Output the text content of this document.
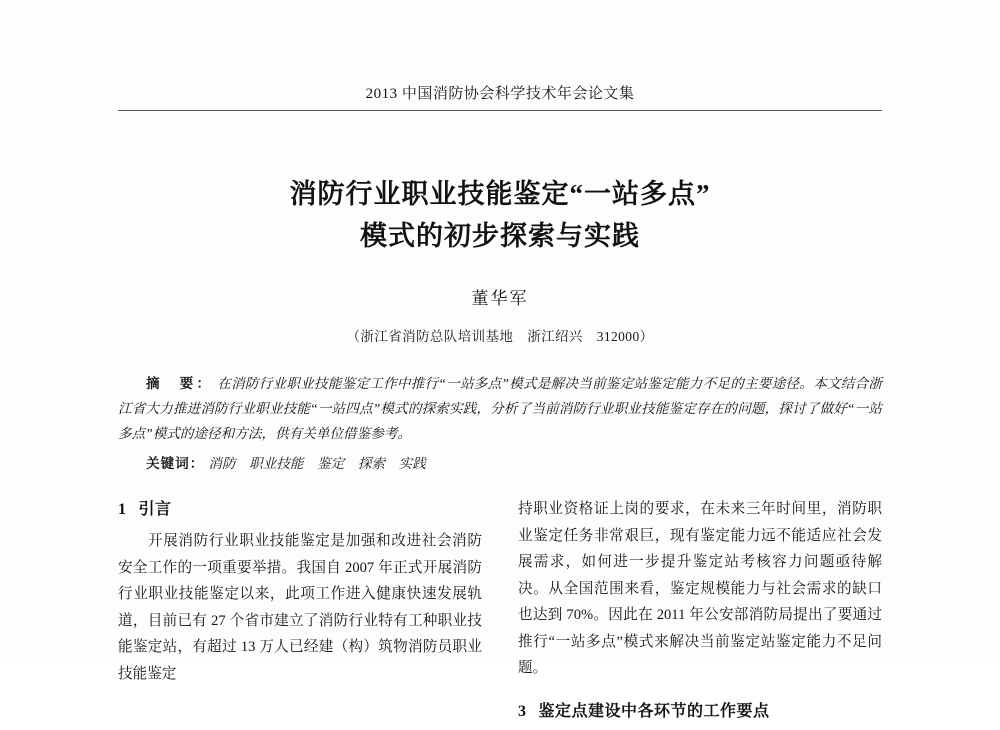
2013 中国消防协会科学技术年会论文集
消防行业职业技能鉴定“一站多点”
模式的初步探索与实践
董华军
（浙江省消防总队培训基地　浙江绍兴　312000）

摘　要： 在消防行业职业技能鉴定工作中推行“一站多点”模式是解决当前鉴定站鉴定能力不足的主要途径。本文结合浙江省大力推进消防行业职业技能“一站四点”模式的探索实践，分析了当前消防行业职业技能鉴定存在的问题，探讨了做好“一站多点”模式的途径和方法，供有关单位借鉴参考。

关键词： 消防　职业技能　鉴定　探索　实践
1 引言

开展消防行业职业技能鉴定是加强和改进社会消防安全工作的一项重要举措。我国自 2007 年正式开展消防行业职业技能鉴定以来，此项工作进入健康快速发展轨道，目前已有 27 个省市建立了消防行业特有工种职业技能鉴定站，有超过 13 万人已经建（构）筑物消防员职业技能鉴定

持职业资格证上岗的要求，在未来三年时间里，消防职业鉴定任务非常艰巨，现有鉴定能力远不能适应社会发展需求，如何进一步提升鉴定站考核容力问题亟待解决。从全国范围来看，鉴定规模能力与社会需求的缺口也达到 70%。因此在 2011 年公安部消防局提出了要通过推行“一站多点”模式来解决当前鉴定站鉴定能力不足问题。

3 鉴定点建设中各环节的工作要点
